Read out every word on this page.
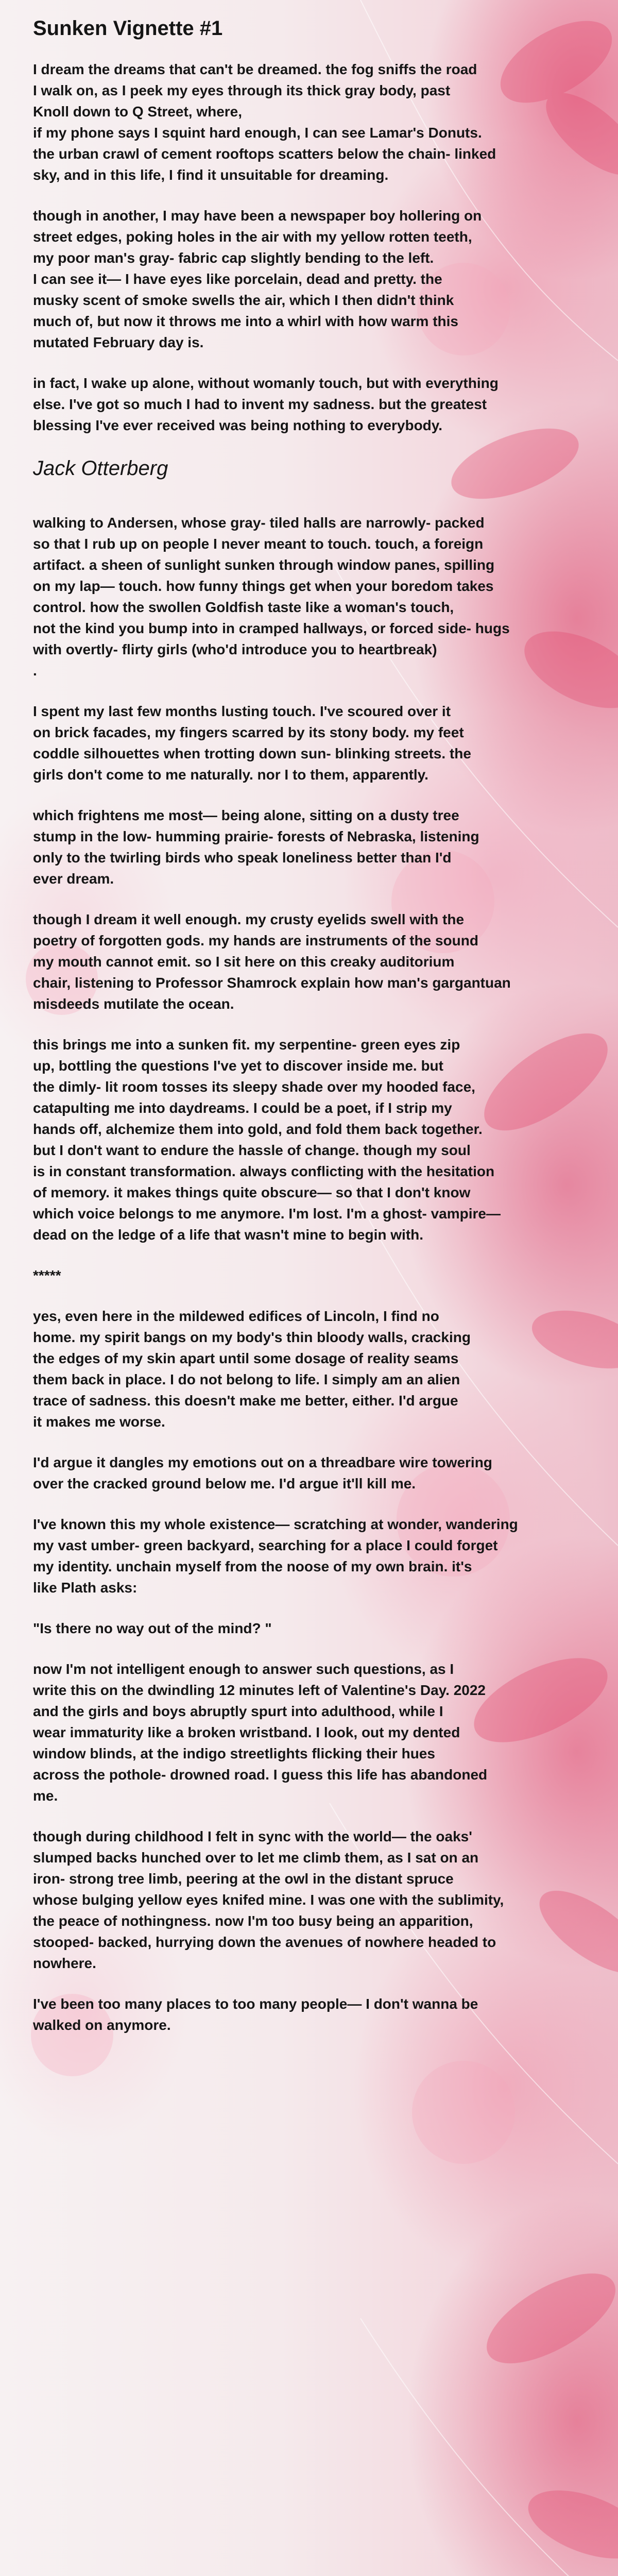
Sunken Vignette #1

I dream the dreams that can't be dreamed. the fog sniffs the road
I walk on, as I peek my eyes through its thick gray body, past
Knoll down to Q Street, where,
if my phone says I squint hard enough, I can see Lamar's Donuts.
the urban crawl of cement rooftops scatters below the chain- linked
sky, and in this life, I find it unsuitable for dreaming.

though in another, I may have been a newspaper boy hollering on
street edges, poking holes in the air with my yellow rotten teeth,
my poor man's gray- fabric cap slightly bending to the left.
I can see it— I have eyes like porcelain, dead and pretty. the
musky scent of smoke swells the air, which I then didn't think
much of, but now it throws me into a whirl with how warm this
mutated February day is.

in fact, I wake up alone, without womanly touch, but with everything
else. I've got so much I had to invent my sadness. but the greatest
blessing I've ever received was being nothing to everybody.

Jack Otterberg

walking to Andersen, whose gray- tiled halls are narrowly- packed
so that I rub up on people I never meant to touch. touch, a foreign
artifact. a sheen of sunlight sunken through window panes, spilling
on my lap— touch. how funny things get when your boredom takes
control. how the swollen Goldfish taste like a woman's touch,
not the kind you bump into in cramped hallways, or forced side- hugs
with overtly- flirty girls (who'd introduce you to heartbreak)
.

I spent my last few months lusting touch. I've scoured over it
on brick facades, my fingers scarred by its stony body. my feet
coddle silhouettes when trotting down sun- blinking streets. the
girls don't come to me naturally. nor I to them, apparently.

which frightens me most— being alone, sitting on a dusty tree
stump in the low- humming prairie- forests of Nebraska, listening
only to the twirling birds who speak loneliness better than I'd
ever dream.

though I dream it well enough. my crusty eyelids swell with the
poetry of forgotten gods. my hands are instruments of the sound
my mouth cannot emit. so I sit here on this creaky auditorium
chair, listening to Professor Shamrock explain how man's gargantuan
misdeeds mutilate the ocean.

this brings me into a sunken fit. my serpentine- green eyes zip
up, bottling the questions I've yet to discover inside me. but
the dimly- lit room tosses its sleepy shade over my hooded face,
catapulting me into daydreams. I could be a poet, if I strip my
hands off, alchemize them into gold, and fold them back together.
but I don't want to endure the hassle of change. though my soul
is in constant transformation. always conflicting with the hesitation
of memory. it makes things quite obscure— so that I don't know
which voice belongs to me anymore. I'm lost. I'm a ghost- vampire—
dead on the ledge of a life that wasn't mine to begin with.

*****

yes, even here in the mildewed edifices of Lincoln, I find no
home. my spirit bangs on my body's thin bloody walls, cracking
the edges of my skin apart until some dosage of reality seams
them back in place. I do not belong to life. I simply am an alien
trace of sadness. this doesn't make me better, either. I'd argue
it makes me worse.

I'd argue it dangles my emotions out on a threadbare wire towering
over the cracked ground below me. I'd argue it'll kill me.

I've known this my whole existence— scratching at wonder, wandering
my vast umber- green backyard, searching for a place I could forget
my identity. unchain myself from the noose of my own brain. it's
like Plath asks:

"Is there no way out of the mind? "

now I'm not intelligent enough to answer such questions, as I
write this on the dwindling 12 minutes left of Valentine's Day. 2022
and the girls and boys abruptly spurt into adulthood, while I
wear immaturity like a broken wristband. I look, out my dented
window blinds, at the indigo streetlights flicking their hues
across the pothole- drowned road. I guess this life has abandoned
me.

though during childhood I felt in sync with the world— the oaks'
slumped backs hunched over to let me climb them, as I sat on an
iron- strong tree limb, peering at the owl in the distant spruce
whose bulging yellow eyes knifed mine. I was one with the sublimity,
the peace of nothingness. now I'm too busy being an apparition,
stooped- backed, hurrying down the avenues of nowhere headed to
nowhere.

I've been too many places to too many people— I don't wanna be
walked on anymore.
